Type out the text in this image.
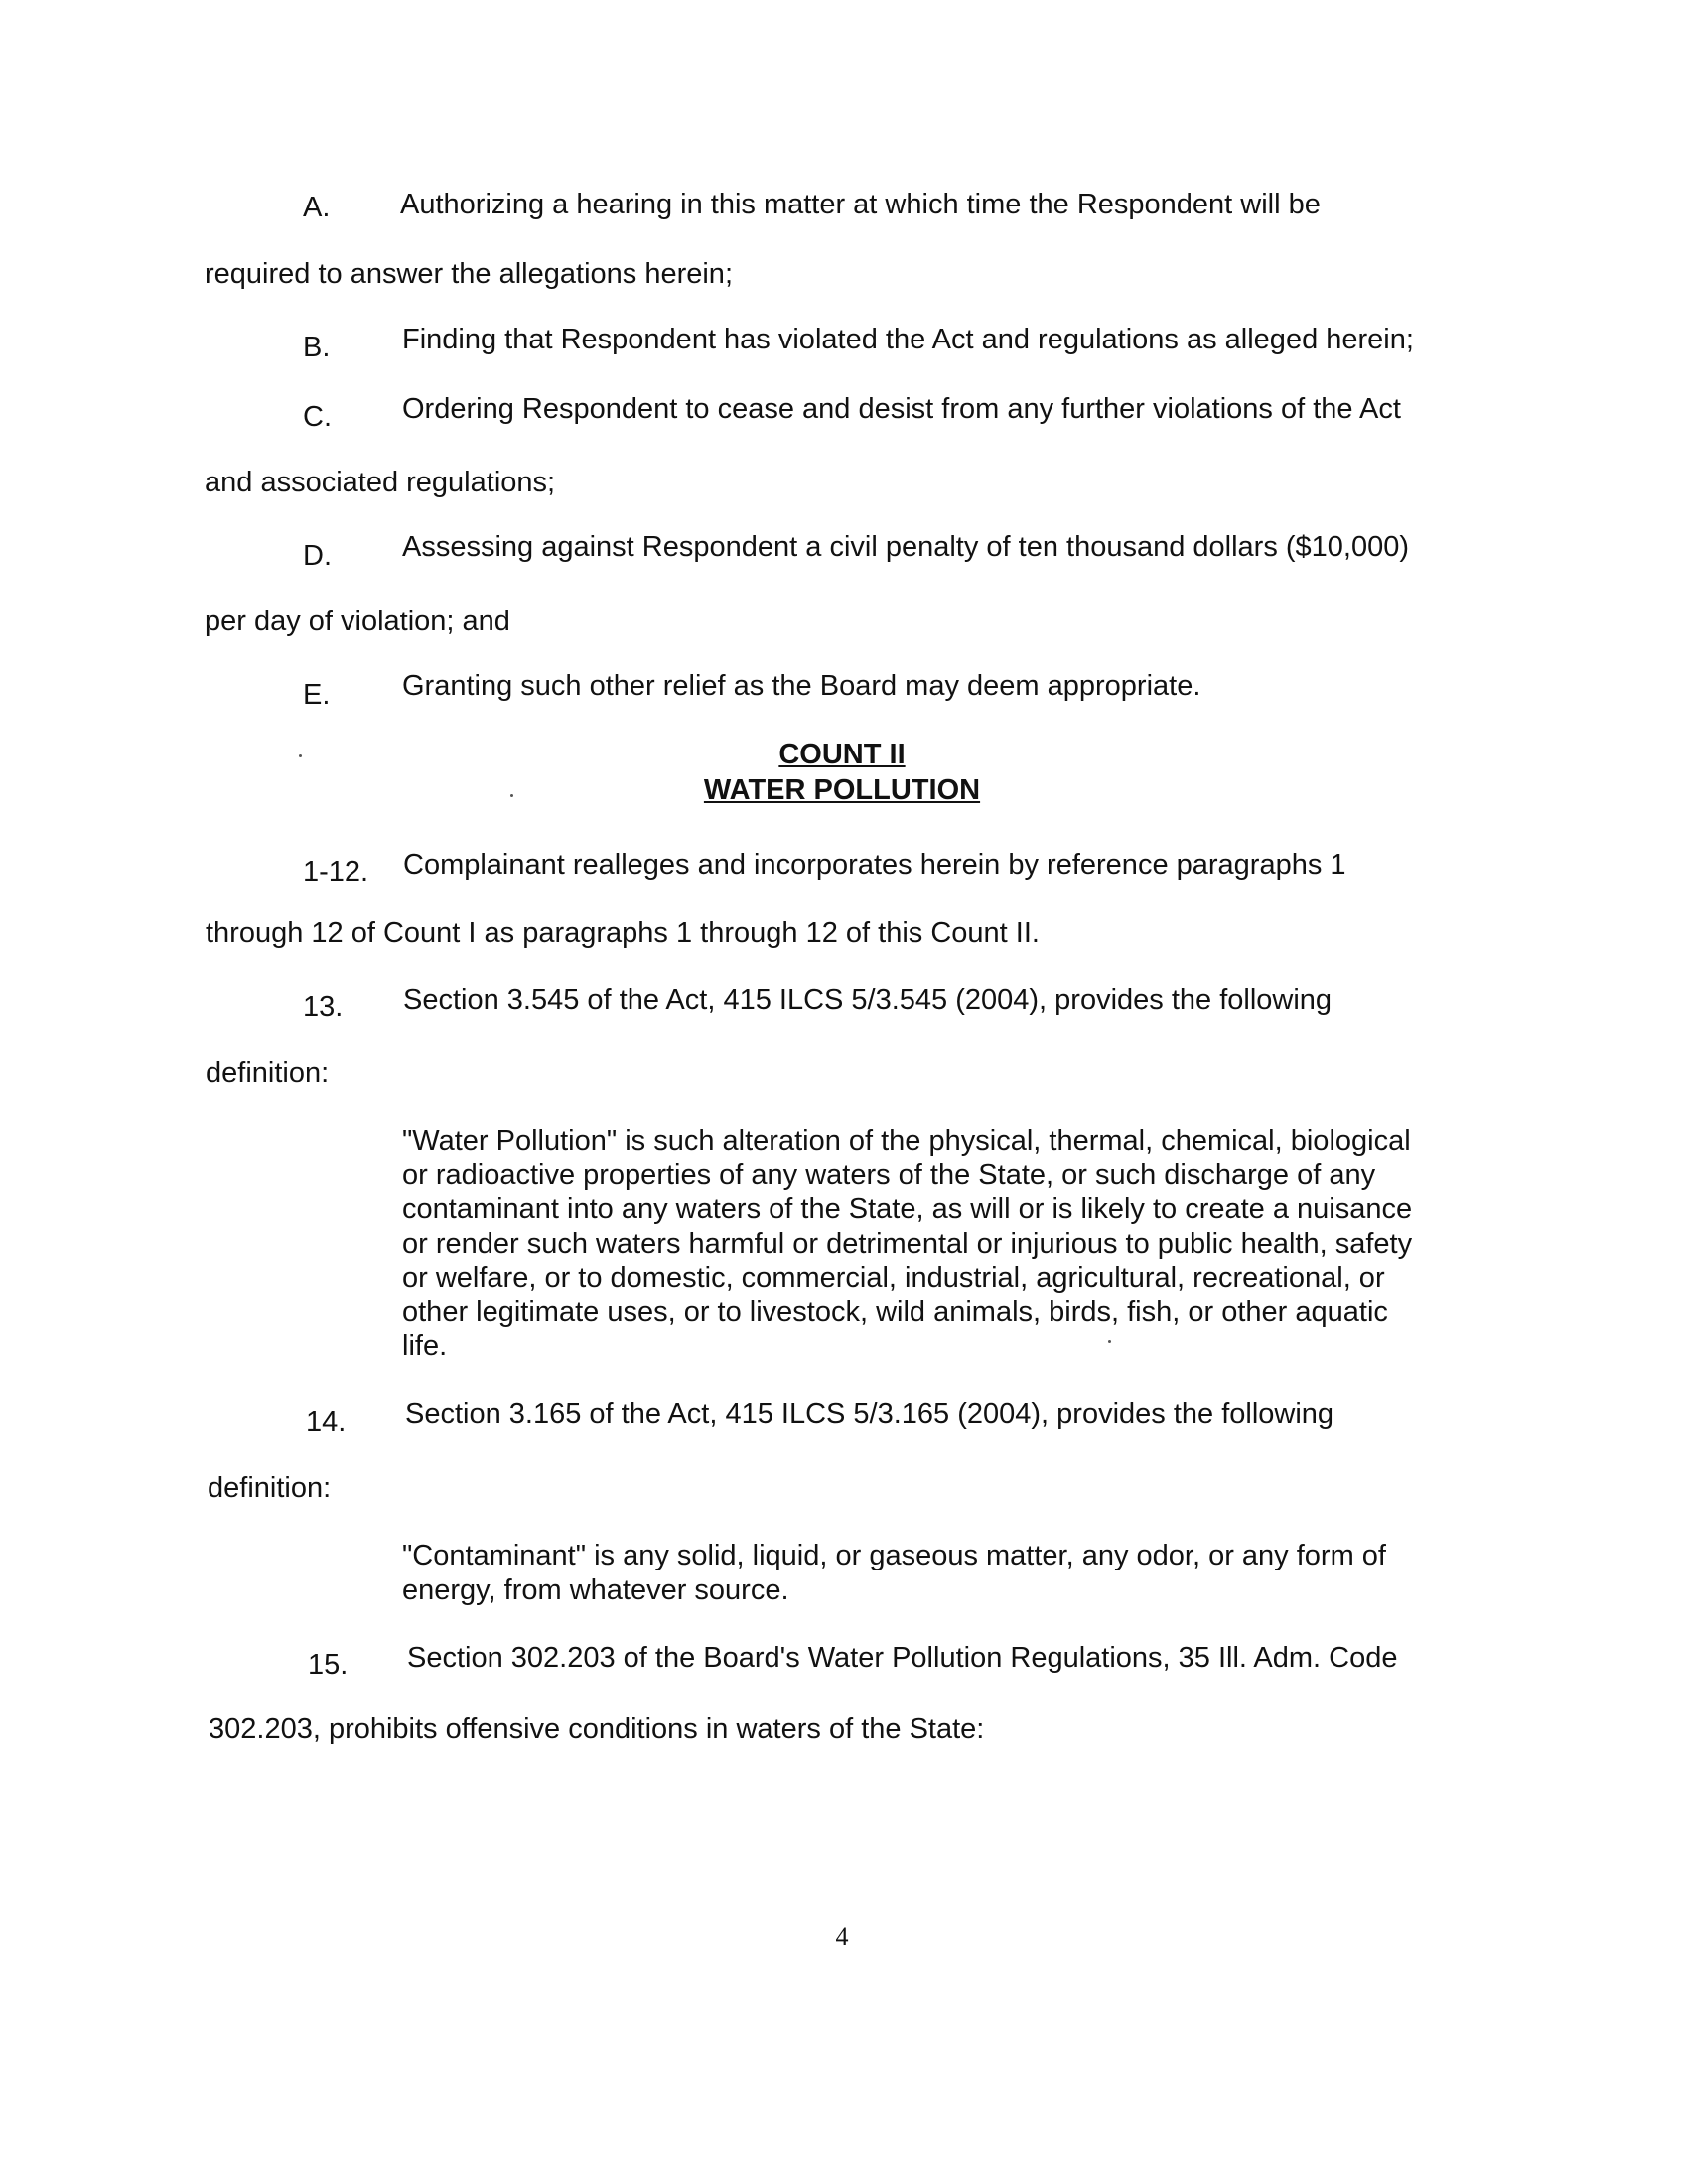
A. Authorizing a hearing in this matter at which time the Respondent will be
required to answer the allegations herein;
B.	Finding that Respondent has violated the Act and regulations as alleged herein;
C. Ordering Respondent to cease and desist from any further violations of the Act
and associated regulations;
D. Assessing against Respondent a civil penalty of ten thousand dollars ($10,000)
per day of violation; and
E.	Granting such other relief as the Board may deem appropriate.
COUNT II
WATER POLLUTION
1-12. Complainant realleges and incorporates herein by reference paragraphs 1
through 12 of Count I as paragraphs 1 through 12 of this Count II.
13. Section 3.545 of the Act, 415 ILCS 5/3.545 (2004), provides the following
definition:
"Water Pollution" is such alteration of the physical, thermal, chemical, biological
or radioactive properties of any waters of the State, or such discharge of any
contaminant into any waters of the State, as will or is likely to create a nuisance
or render such waters harmful or detrimental or injurious to public health, safety
or welfare, or to domestic, commercial, industrial, agricultural, recreational, or
other legitimate uses, or to livestock, wild animals, birds, fish, or other aquatic
life.
14. Section 3.165 of the Act, 415 ILCS 5/3.165 (2004), provides the following
definition:
"Contaminant" is any solid, liquid, or gaseous matter, any odor, or any form of
energy, from whatever source.
15. Section 302.203 of the Board's Water Pollution Regulations, 35 Ill. Adm. Code
302.203, prohibits offensive conditions in waters of the State:
4
